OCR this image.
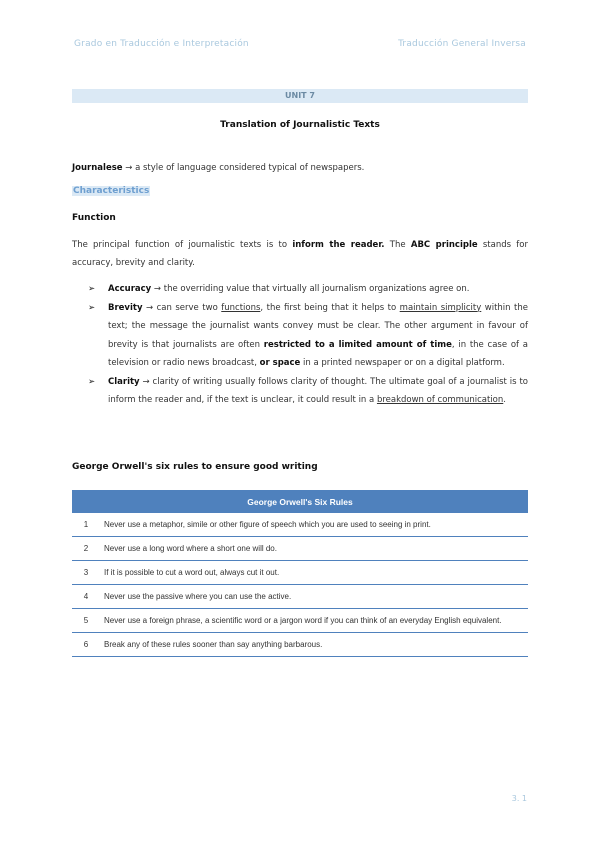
Grado en Traducción e Interpretación	Traducción General Inversa
UNIT 7
Translation of Journalistic Texts
Journalese → a style of language considered typical of newspapers.
Characteristics
Function
The principal function of journalistic texts is to inform the reader. The ABC principle stands for accuracy, brevity and clarity.
➢ Accuracy → the overriding value that virtually all journalism organizations agree on.
➢ Brevity → can serve two functions, the first being that it helps to maintain simplicity within the text; the message the journalist wants convey must be clear. The other argument in favour of brevity is that journalists are often restricted to a limited amount of time, in the case of a television or radio news broadcast, or space in a printed newspaper or on a digital platform.
➢ Clarity → clarity of writing usually follows clarity of thought. The ultimate goal of a journalist is to inform the reader and, if the text is unclear, it could result in a breakdown of communication.
George Orwell's six rules to ensure good writing
George Orwell's Six Rules	
1	Never use a metaphor, simile or other figure of speech which you are used to seeing in print.
2	Never use a long word where a short one will do.
3	If it is possible to cut a word out, always cut it out.
4	Never use the passive where you can use the active.
5	Never use a foreign phrase, a scientific word or a jargon word if you can think of an everyday English equivalent.
6	Break any of these rules sooner than say anything barbarous.
3. 1
